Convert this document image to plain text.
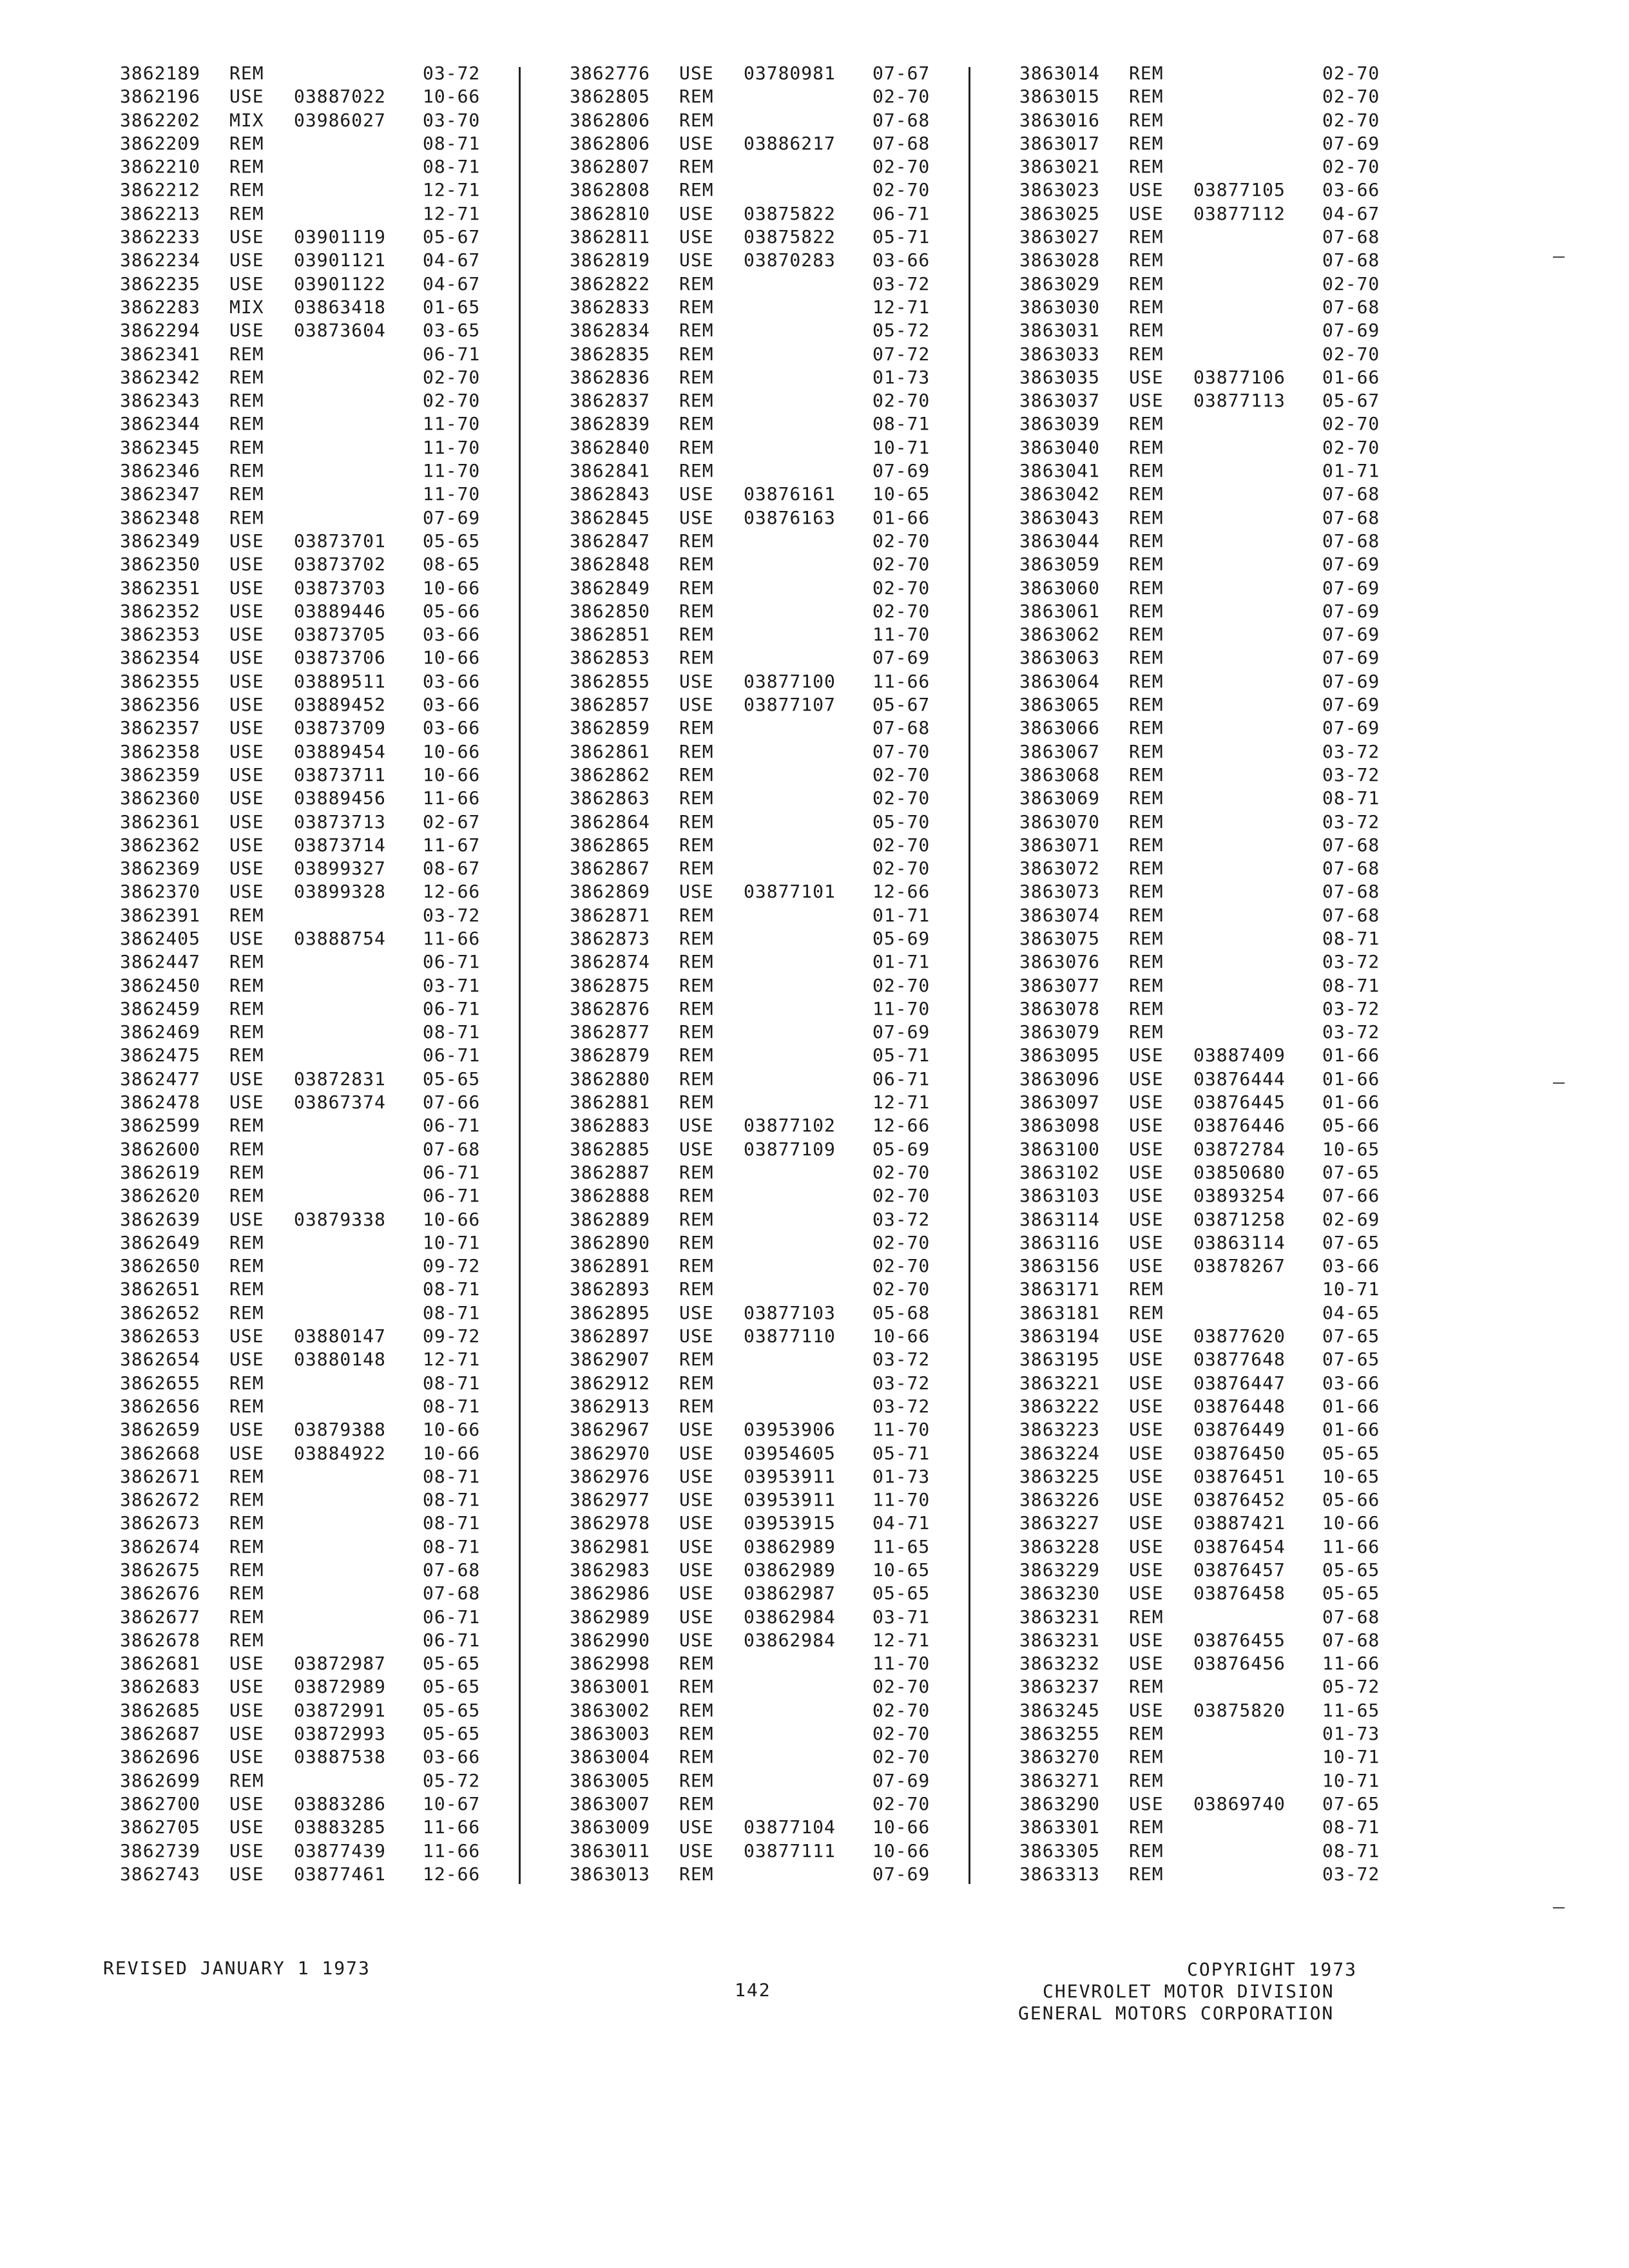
3862189 REM	03-72
3862196 USE 03887022 10-66
3862202 MIX 03986027 03-70
3862209 REM	08-71
3862210 REM	08-71
3862212 REM	12-71
3862213 REM	12-71
3862233 USE 03901119 05-67
3862234 USE 03901121 04-67
3862235 USE 03901122 04-67
3862283 MIX 03863418 01-65
3862294 USE 03873604 03-65
3862341 REM	06-71
3862342 REM	02-70
3862343 REM	02-70
3862344 REM	11-70
3862345 REM	11-70
3862346 REM	11-70
3862347 REM	11-70
3862348 REM	07-69
3862349 USE 03873701 05-65
3862350 USE 03873702 08-65
3862351 USE 03873703 10-66
3862352 USE 03889446 05-66
3862353 USE 03873705 03-66
3862354 USE 03873706 10-66
3862355 USE 03889511 03-66
3862356 USE 03889452 03-66
3862357 USE 03873709 03-66
3862358 USE 03889454 10-66
3862359 USE 03873711 10-66
3862360 USE 03889456 11-66
3862361 USE 03873713 02-67
3862362 USE 03873714 11-67
3862369 USE 03899327 08-67
3862370 USE 03899328 12-66
3862391 REM	03-72
3862405 USE 03888754 11-66
3862447 REM	06-71
3862450 REM	03-71
3862459 REM	06-71
3862469 REM	08-71
3862475 REM	06-71
3862477 USE 03872831 05-65
3862478 USE 03867374 07-66
3862599 REM	06-71
3862600 REM	07-68
3862619 REM	06-71
3862620 REM	06-71
3862639 USE 03879338 10-66
3862649 REM	10-71
3862650 REM	09-72
3862651 REM	08-71
3862652 REM	08-71
3862653 USE 03880147 09-72
3862654 USE 03880148 12-71
3862655 REM	08-71
3862656 REM	08-71
3862659 USE 03879388 10-66
3862668 USE 03884922 10-66
3862671 REM	08-71
3862672 REM	08-71
3862673 REM	08-71
3862674 REM	08-71
3862675 REM	07-68
3862676 REM	07-68
3862677 REM	06-71
3862678 REM	06-71
3862681 USE 03872987 05-65
3862683 USE 03872989 05-65
3862685 USE 03872991 05-65
3862687 USE 03872993 05-65
3862696 USE 03887538 03-66
3862699 REM	05-72
3862700 USE 03883286 10-67
3862705 USE 03883285 11-66
3862739 USE 03877439 11-66
3862743 USE 03877461 12-66
3862776 USE 03780981 07-67
3862805 REM	02-70
3862806 REM	07-68
3862806 USE 03886217 07-68
3862807 REM	02-70
3862808 REM	02-70
3862810 USE 03875822 06-71
3862811 USE 03875822 05-71
3862819 USE 03870283 03-66
3862822 REM	03-72
3862833 REM	12-71
3862834 REM	05-72
3862835 REM	07-72
3862836 REM	01-73
3862837 REM	02-70
3862839 REM	08-71
3862840 REM	10-71
3862841 REM	07-69
3862843 USE 03876161 10-65
3862845 USE 03876163 01-66
3862847 REM	02-70
3862848 REM	02-70
3862849 REM	02-70
3862850 REM	02-70
3862851 REM	11-70
3862853 REM	07-69
3862855 USE 03877100 11-66
3862857 USE 03877107 05-67
3862859 REM	07-68
3862861 REM	07-70
3862862 REM	02-70
3862863 REM	02-70
3862864 REM	05-70
3862865 REM	02-70
3862867 REM	02-70
3862869 USE 03877101 12-66
3862871 REM	01-71
3862873 REM	05-69
3862874 REM	01-71
3862875 REM	02-70
3862876 REM	11-70
3862877 REM	07-69
3862879 REM	05-71
3862880 REM	06-71
3862881 REM	12-71
3862883 USE 03877102 12-66
3862885 USE 03877109 05-69
3862887 REM	02-70
3862888 REM	02-70
3862889 REM	03-72
3862890 REM	02-70
3862891 REM	02-70
3862893 REM	02-70
3862895 USE 03877103 05-68
3862897 USE 03877110 10-66
3862907 REM	03-72
3862912 REM	03-72
3862913 REM	03-72
3862967 USE 03953906 11-70
3862970 USE 03954605 05-71
3862976 USE 03953911 01-73
3862977 USE 03953911 11-70
3862978 USE 03953915 04-71
3862981 USE 03862989 11-65
3862983 USE 03862989 10-65
3862986 USE 03862987 05-65
3862989 USE 03862984 03-71
3862990 USE 03862984 12-71
3862998 REM	11-70
3863001 REM	02-70
3863002 REM	02-70
3863003 REM	02-70
3863004 REM	02-70
3863005 REM	07-69
3863007 REM	02-70
3863009 USE 03877104 10-66
3863011 USE 03877111 10-66
3863013 REM	07-69
3863014 REM	02-70
3863015 REM	02-70
3863016 REM	02-70
3863017 REM	07-69
3863021 REM	02-70
3863023 USE 03877105 03-66
3863025 USE 03877112 04-67
3863027 REM	07-68
3863028 REM	07-68
3863029 REM	02-70
3863030 REM	07-68
3863031 REM	07-69
3863033 REM	02-70
3863035 USE 03877106 01-66
3863037 USE 03877113 05-67
3863039 REM	02-70
3863040 REM	02-70
3863041 REM	01-71
3863042 REM	07-68
3863043 REM	07-68
3863044 REM	07-68
3863059 REM	07-69
3863060 REM	07-69
3863061 REM	07-69
3863062 REM	07-69
3863063 REM	07-69
3863064 REM	07-69
3863065 REM	07-69
3863066 REM	07-69
3863067 REM	03-72
3863068 REM	03-72
3863069 REM	08-71
3863070 REM	03-72
3863071 REM	07-68
3863072 REM	07-68
3863073 REM	07-68
3863074 REM	07-68
3863075 REM	08-71
3863076 REM	03-72
3863077 REM	08-71
3863078 REM	03-72
3863079 REM	03-72
3863095 USE 03887409 01-66
3863096 USE 03876444 01-66
3863097 USE 03876445 01-66
3863098 USE 03876446 05-66
3863100 USE 03872784 10-65
3863102 USE 03850680 07-65
3863103 USE 03893254 07-66
3863114 USE 03871258 02-69
3863116 USE 03863114 07-65
3863156 USE 03878267 03-66
3863171 REM	10-71
3863181 REM	04-65
3863194 USE 03877620 07-65
3863195 USE 03877648 07-65
3863221 USE 03876447 03-66
3863222 USE 03876448 01-66
3863223 USE 03876449 01-66
3863224 USE 03876450 05-65
3863225 USE 03876451 10-65
3863226 USE 03876452 05-66
3863227 USE 03887421 10-66
3863228 USE 03876454 11-66
3863229 USE 03876457 05-65
3863230 USE 03876458 05-65
3863231 REM	07-68
3863231 USE 03876455 07-68
3863232 USE 03876456 11-66
3863237 REM	05-72
3863245 USE 03875820 11-65
3863255 REM	01-73
3863270 REM	10-71
3863271 REM	10-71
3863290 USE 03869740 07-65
3863301 REM	08-71
3863305 REM	08-71
3863313 REM	03-72
REVISED JANUARY 1 1973
142
COPYRIGHT 1973
CHEVROLET MOTOR DIVISION
GENERAL MOTORS CORPORATION
